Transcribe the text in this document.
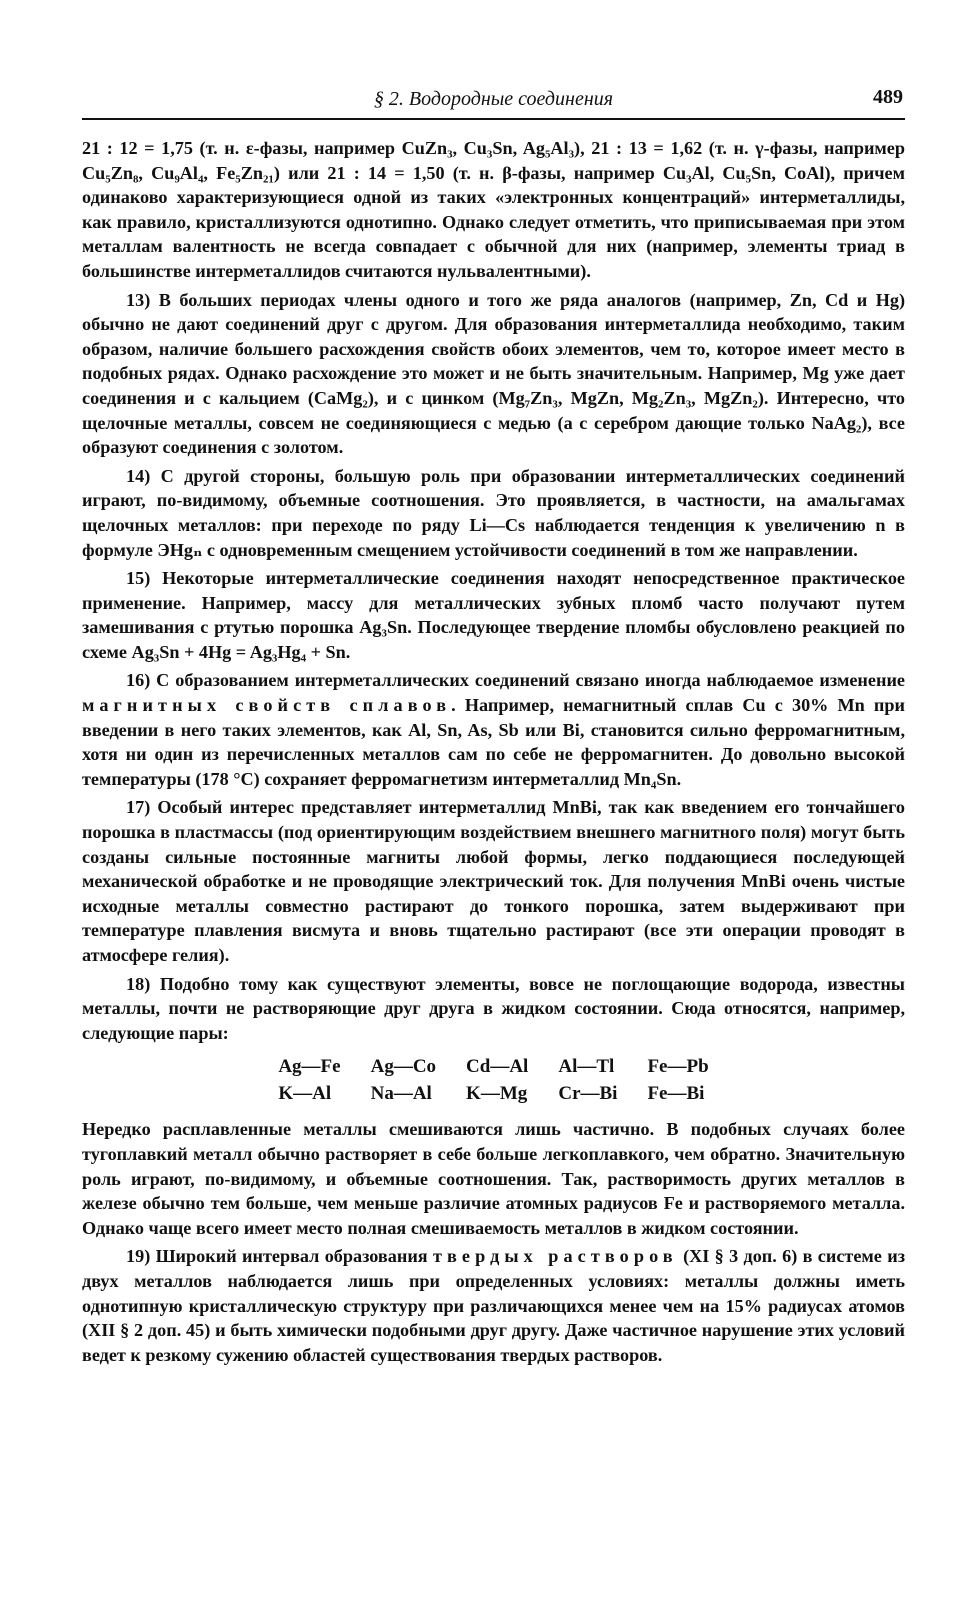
§ 2. Водородные соединения	489

21 : 12 = 1,75 (т. н. ε-фазы, например CuZn₃, Cu₃Sn, Ag₅Al₃), 21 : 13 = 1,62 (т. н. γ-фазы, например Cu₅Zn₈, Cu₉Al₄, Fe₅Zn₂₁) или 21 : 14 = 1,50 (т. н. β-фазы, например Cu₃Al, Cu₅Sn, CoAl), причем одинаково характеризующиеся одной из таких «электронных концентраций» интерметаллиды, как правило, кристаллизуются однотипно. Однако следует отметить, что приписываемая при этом металлам валентность не всегда совпадает с обычной для них (например, элементы триад в большинстве интерметаллидов считаются нульвалентными).

13) В больших периодах члены одного и того же ряда аналогов (например, Zn, Cd и Hg) обычно не дают соединений друг с другом. Для образования интерметаллида необходимо, таким образом, наличие большего расхождения свойств обоих элементов, чем то, которое имеет место в подобных рядах. Однако расхождение это может и не быть значительным. Например, Mg уже дает соединения и с кальцием (CaMg₂), и с цинком (Mg₇Zn₃, MgZn, Mg₂Zn₃, MgZn₂). Интересно, что щелочные металлы, совсем не соединяющиеся с медью (а с серебром дающие только NaAg₂), все образуют соединения с золотом.

14) С другой стороны, большую роль при образовании интерметаллических соединений играют, по-видимому, объемные соотношения. Это проявляется, в частности, на амальгамах щелочных металлов: при переходе по ряду Li—Cs наблюдается тенденция к увеличению n в формуле ЭHgₙ с одновременным смещением устойчивости соединений в том же направлении.

15) Некоторые интерметаллические соединения находят непосредственное практическое применение. Например, массу для металлических зубных пломб часто получают путем замешивания с ртутью порошка Ag₃Sn. Последующее твердение пломбы обусловлено реакцией по схеме Ag₃Sn + 4Hg = Ag₃Hg₄ + Sn.

16) С образованием интерметаллических соединений связано иногда наблюдаемое изменение магнитных свойств сплавов. Например, немагнитный сплав Cu с 30% Mn при введении в него таких элементов, как Al, Sn, As, Sb или Bi, становится сильно ферромагнитным, хотя ни один из перечисленных металлов сам по себе не ферромагнитен. До довольно высокой температуры (178 °С) сохраняет ферромагнетизм интерметаллид Mn₄Sn.

17) Особый интерес представляет интерметаллид MnBi, так как введением его тончайшего порошка в пластмассы (под ориентирующим воздействием внешнего магнитного поля) могут быть созданы сильные постоянные магниты любой формы, легко поддающиеся последующей механической обработке и не проводящие электрический ток. Для получения MnBi очень чистые исходные металлы совместно растирают до тонкого порошка, затем выдерживают при температуре плавления висмута и вновь тщательно растирают (все эти операции проводят в атмосфере гелия).

18) Подобно тому как существуют элементы, вовсе не поглощающие водорода, известны металлы, почти не растворяющие друг друга в жидком состоянии. Сюда относятся, например, следующие пары:

Ag—Fe Ag—Co Cd—Al Al—Tl Fe—Pb
K—Al	Na—Al K—Mg Cr—Bi Fe—Bi

Нередко расплавленные металлы смешиваются лишь частично. В подобных случаях более тугоплавкий металл обычно растворяет в себе больше легкоплавкого, чем обратно. Значительную роль играют, по-видимому, и объемные соотношения. Так, растворимость других металлов в железе обычно тем больше, чем меньше различие атомных радиусов Fe и растворяемого металла. Однако чаще всего имеет место полная смешиваемость металлов в жидком состоянии.

19) Широкий интервал образования твердых растворов (XI § 3 доп. 6) в системе из двух металлов наблюдается лишь при определенных условиях: металлы должны иметь однотипную кристаллическую структуру при различающихся менее чем на 15% радиусах атомов (XII § 2 доп. 45) и быть химически подобными друг другу. Даже частичное нарушение этих условий ведет к резкому сужению областей существования твердых растворов.
